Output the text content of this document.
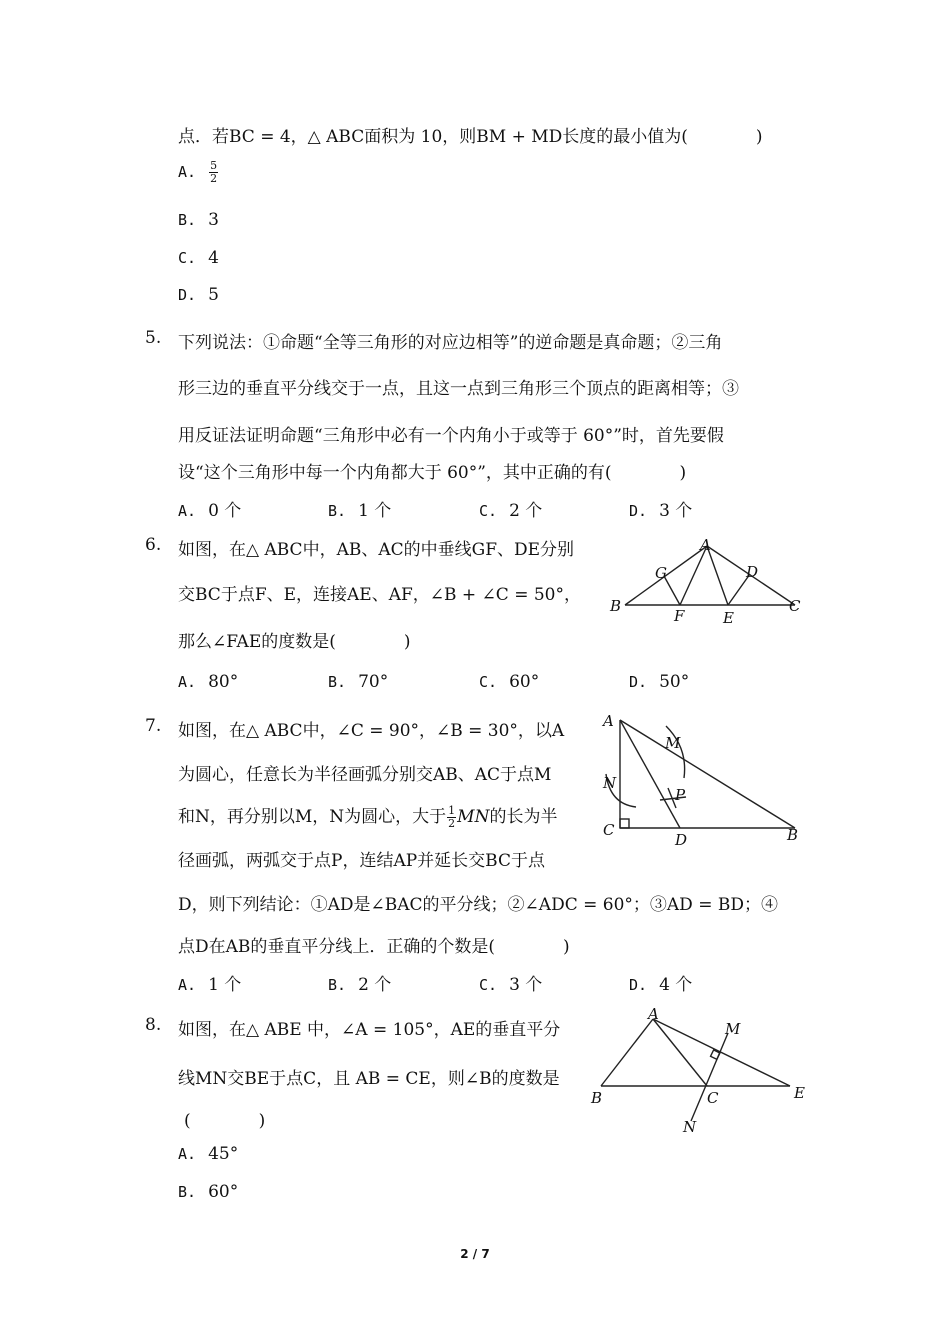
点．若BC = 4，△ ABC面积为 10，则BM + MD长度的最小值为(　　　　)
A. $\frac{5}{2}$
B. 3
C. 4
D. 5
5. 下列说法：①命题“全等三角形的对应边相等”的逆命题是真命题；②三角
形三边的垂直平分线交于一点，且这一点到三角形三个顶点的距离相等；③
用反证法证明命题“三角形中必有一个内角小于或等于 60°”时，首先要假
设“这个三角形中每一个内角都大于 60°”，其中正确的有(　　　　)
A. 0 个	B. 1 个	C. 2 个	D. 3 个
6. 如图，在△ ABC中，AB、AC的中垂线GF、DE分别
交BC于点F、E，连接AE、AF，∠B + ∠C = 50°，
那么∠FAE的度数是(　　　　)
A
B	C
D
E
F
G
A. 80°	B. 70°	C. 60°	D. 50°
7. 如图，在△ ABC中，∠C = 90°，∠B = 30°，以A
为圆心，任意长为半径画弧分别交AB、AC于点M
和N，再分别以M，N为圆心，大于 $\frac{1}{2}$ MN的长为半
径画弧，两弧交于点P，连结AP并延长交BC于点
D，则下列结论：①AD是∠BAC的平分线；②∠ADC = 60°；③AD = BD；④
点D在AB的垂直平分线上．正确的个数是(　　　　)
A
B
C
D
M
N
P
A. 1 个	B. 2 个	C. 3 个	D. 4 个
8. 如图，在△ ABE 中，∠A = 105°，AE的垂直平分
线MN交BE于点C，且 AB = CE，则∠B的度数是
(　　　　)
A
B	C	E
M
N
A. 45°
B. 60°
2 / 7
